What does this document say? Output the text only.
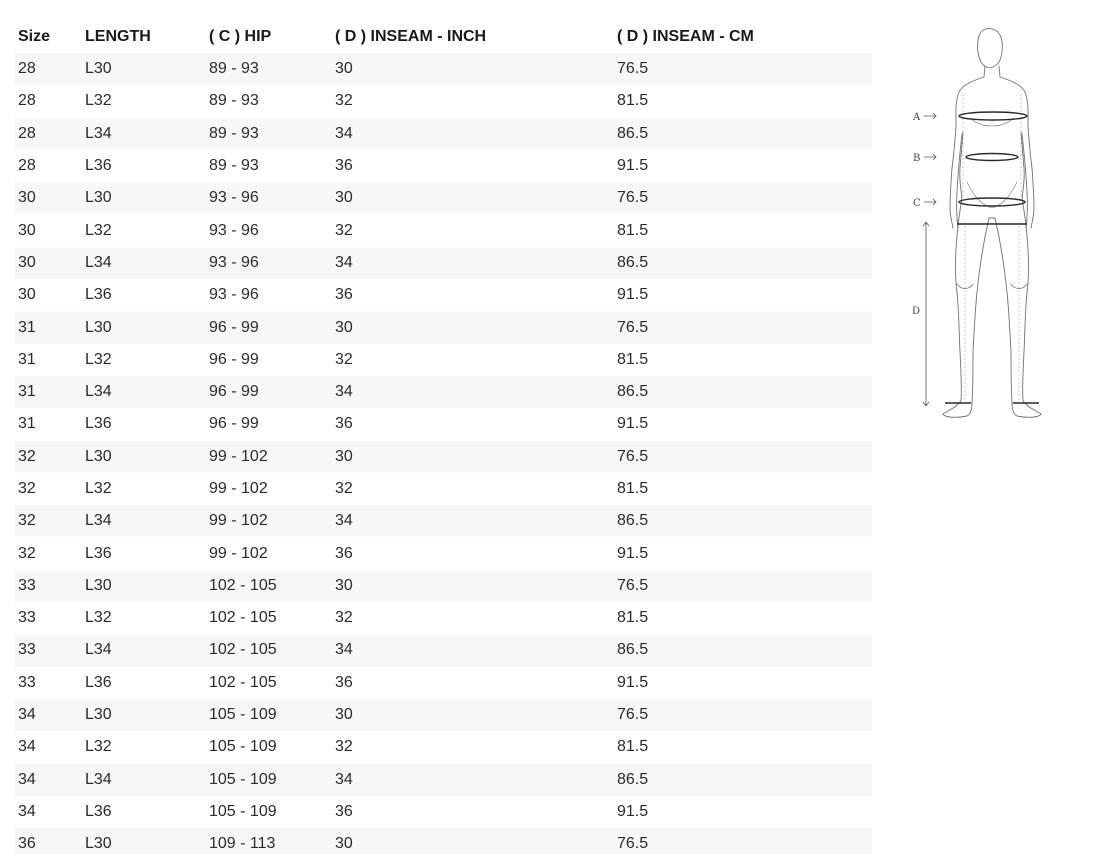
Size	LENGTH	( C ) HIP	( D ) INSEAM - INCH	( D ) INSEAM - CM
28	L30	89 - 93	30	76.5
28	L32	89 - 93	32	81.5
28	L34	89 - 93	34	86.5
28	L36	89 - 93	36	91.5
30	L30	93 - 96	30	76.5
30	L32	93 - 96	32	81.5
30	L34	93 - 96	34	86.5
30	L36	93 - 96	36	91.5
31	L30	96 - 99	30	76.5
31	L32	96 - 99	32	81.5
31	L34	96 - 99	34	86.5
31	L36	96 - 99	36	91.5
32	L30	99 - 102	30	76.5
32	L32	99 - 102	32	81.5
32	L34	99 - 102	34	86.5
32	L36	99 - 102	36	91.5
33	L30	102 - 105	30	76.5
33	L32	102 - 105	32	81.5
33	L34	102 - 105	34	86.5
33	L36	102 - 105	36	91.5
34	L30	105 - 109	30	76.5
34	L32	105 - 109	32	81.5
34	L34	105 - 109	34	86.5
34	L36	105 - 109	36	91.5
36	L30	109 - 113	30	76.5
A
B
C
D
